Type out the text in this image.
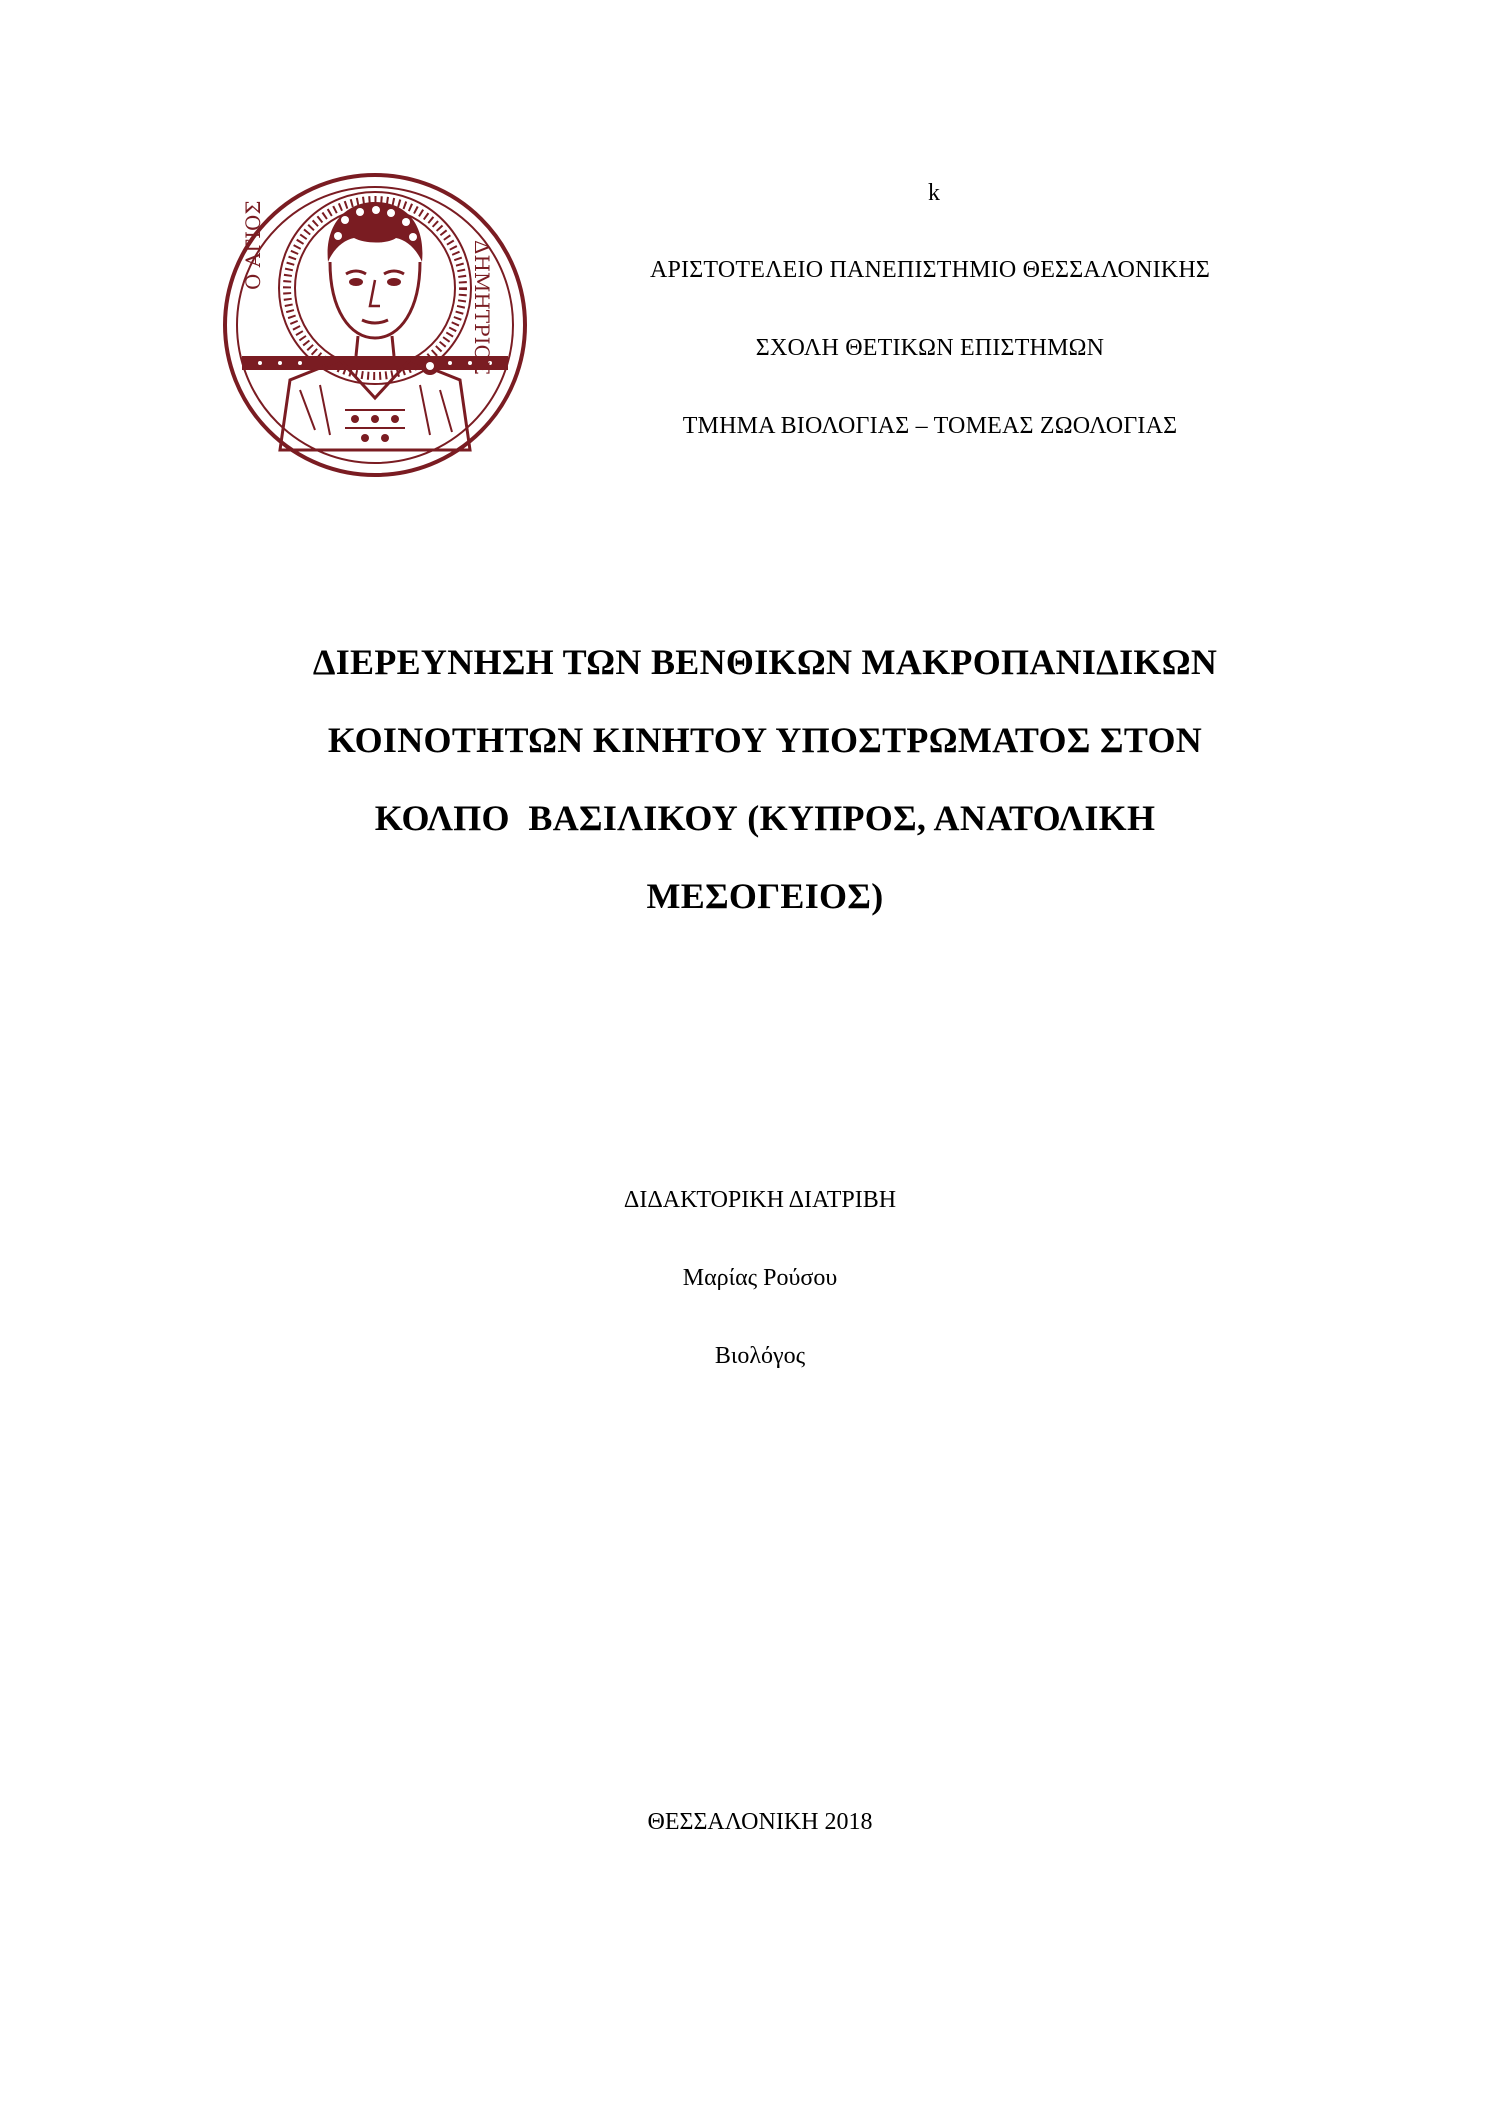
Ο ΑΓΙΟΣ	ΔΗΜΗΤΡΙΟΣ
k

ΑΡΙΣΤΟΤΕΛΕΙΟ ΠΑΝΕΠΙΣΤΗΜΙΟ ΘΕΣΣΑΛΟΝΙΚΗΣ

ΣΧΟΛΗ ΘΕΤΙΚΩΝ ΕΠΙΣΤΗΜΩΝ

ΤΜΗΜΑ ΒΙΟΛΟΓΙΑΣ – ΤΟΜΕΑΣ ΖΩΟΛΟΓΙΑΣ

ΔΙΕΡΕΥΝΗΣΗ ΤΩΝ ΒΕΝΘΙΚΩΝ ΜΑΚΡΟΠΑΝΙΔΙΚΩΝ

ΚΟΙΝΟΤΗΤΩΝ ΚΙΝΗΤΟΥ ΥΠΟΣΤΡΩΜΑΤΟΣ ΣΤΟΝ

ΚΟΛΠΟ  ΒΑΣΙΛΙΚΟΥ (ΚΥΠΡΟΣ, ΑΝΑΤΟΛΙΚΗ

ΜΕΣΟΓΕΙΟΣ)

ΔΙΔΑΚΤΟΡΙΚΗ ΔΙΑΤΡΙΒΗ

Μαρίας Ρούσου

Βιολόγος

ΘΕΣΣΑΛΟΝΙΚΗ 2018
